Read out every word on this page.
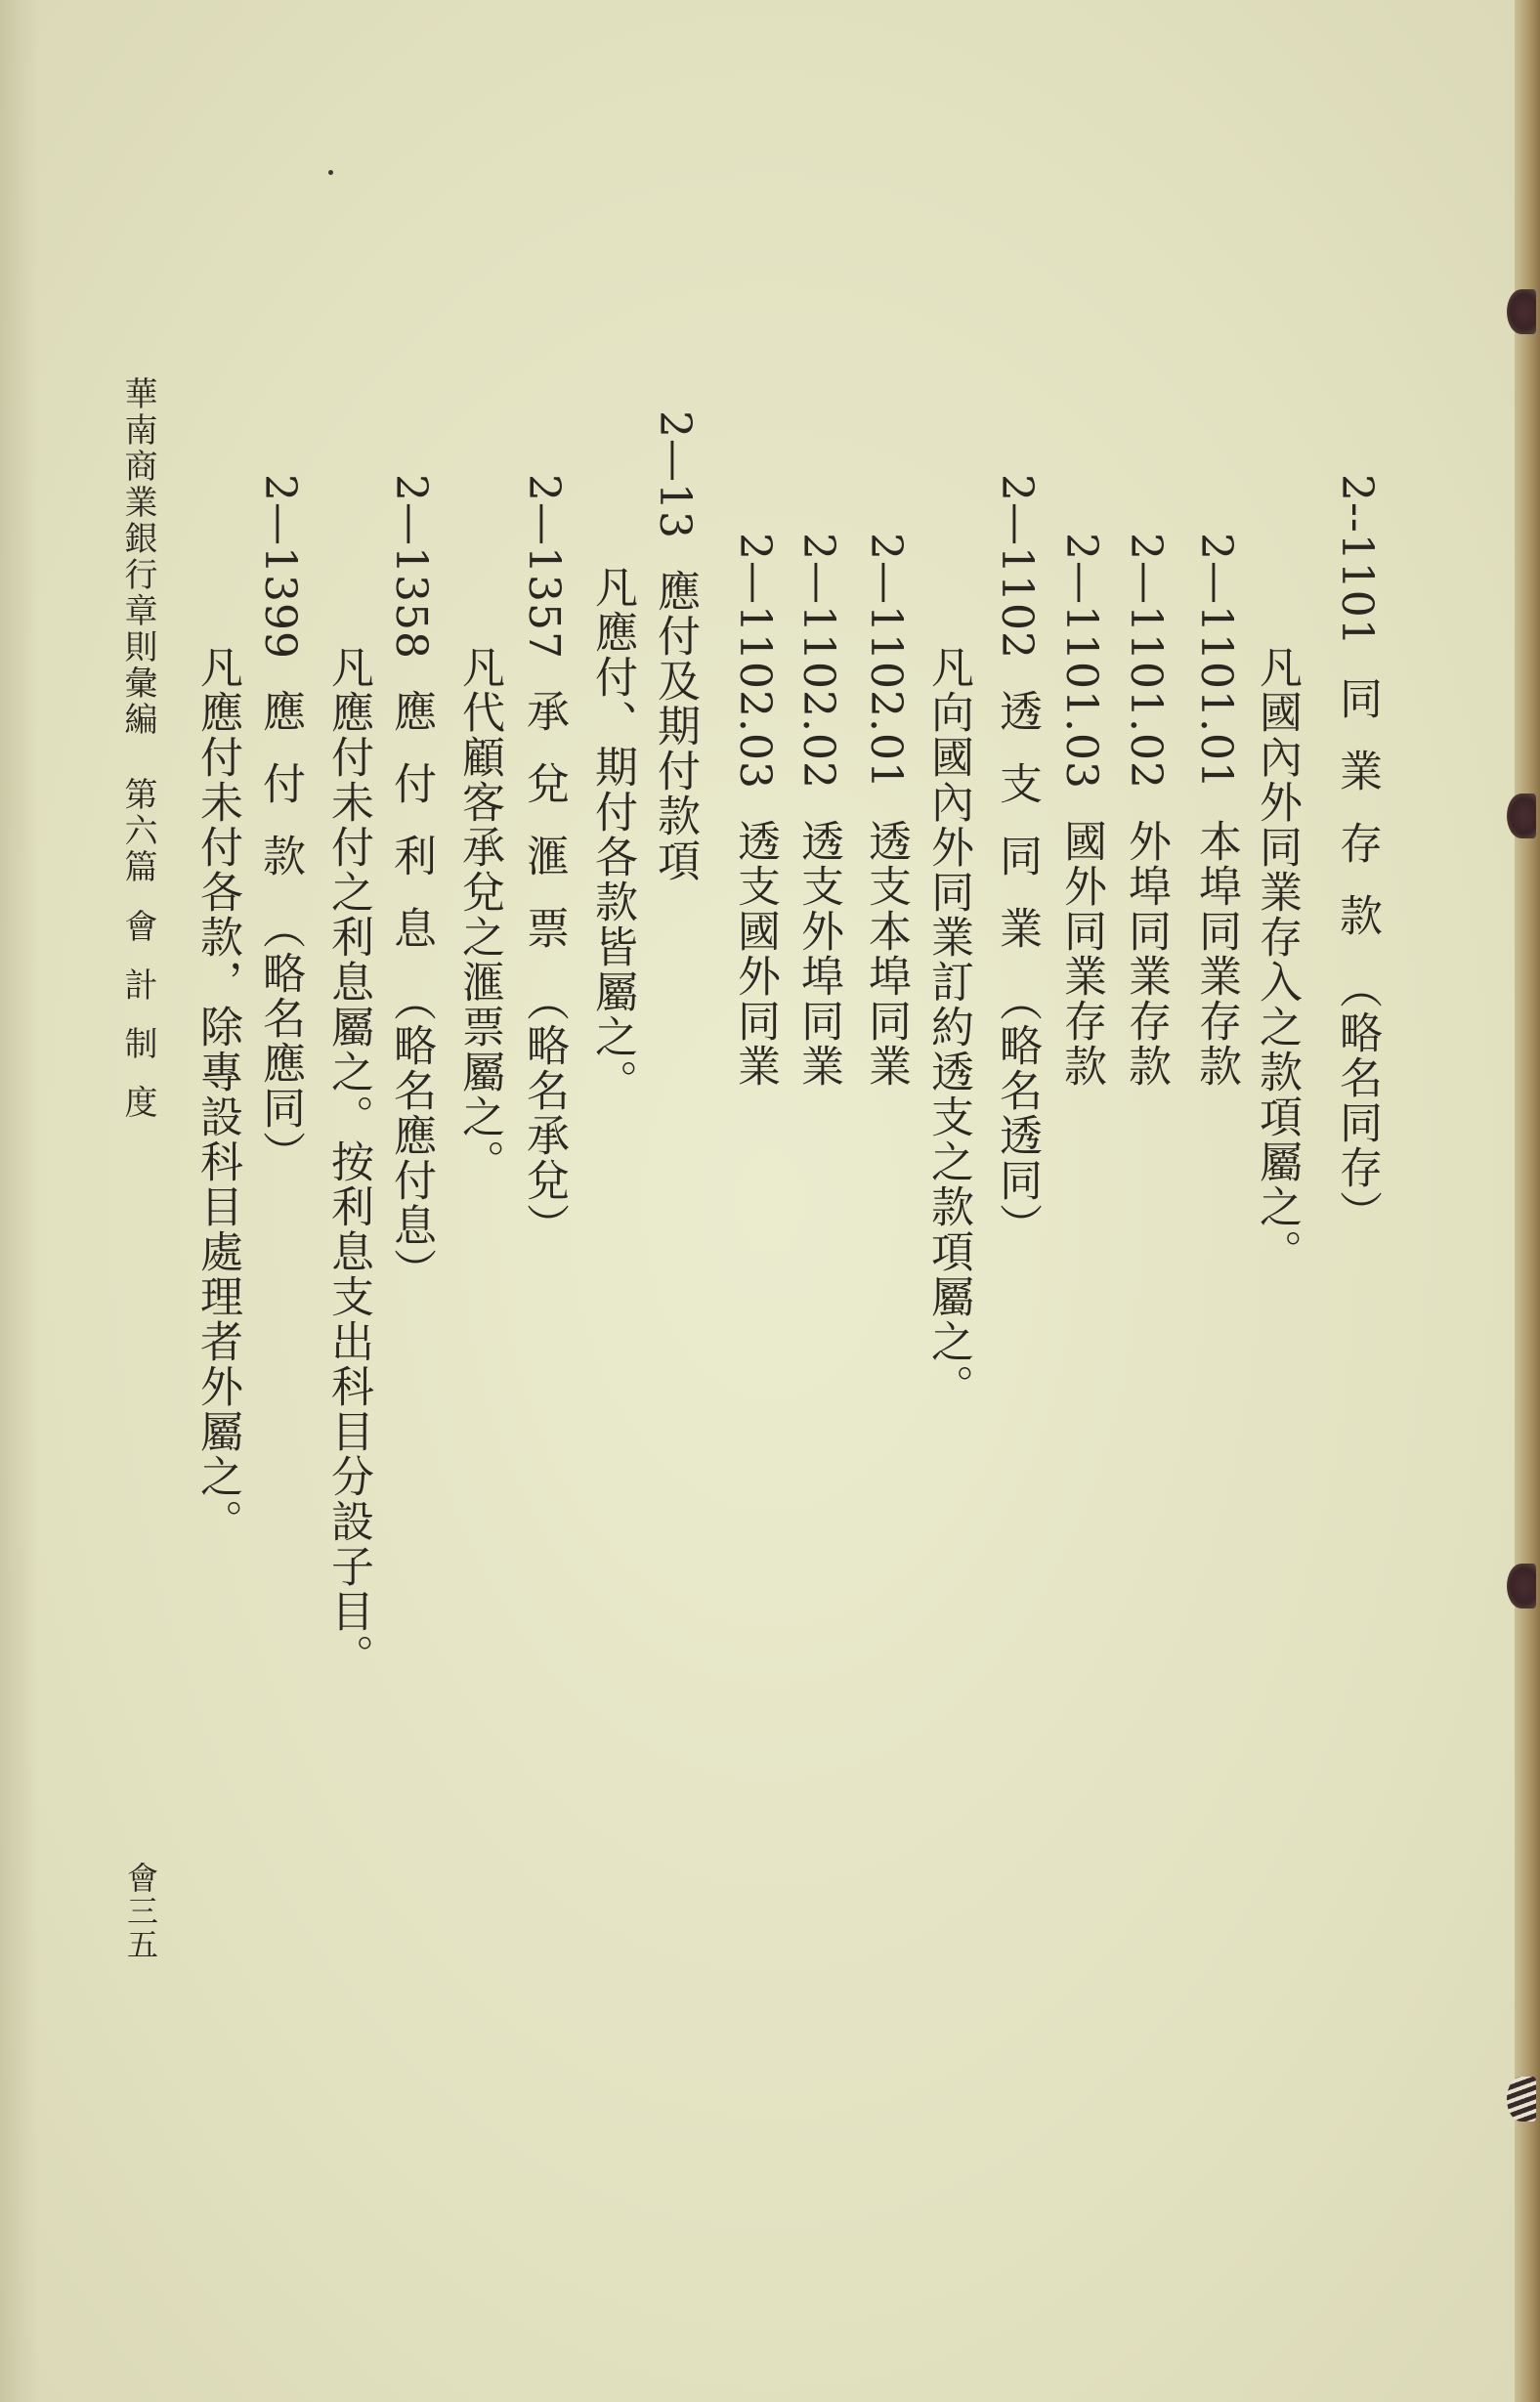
2--1101同業存款（略名同存）
凡國內外同業存入之款項屬之。
2—1101.01本埠同業存款
2—1101.02外埠同業存款
2—1101.03國外同業存款
2—1102透支同業（略名透同）
凡向國內外同業訂約透支之款項屬之。
2—1102.01透支本埠同業
2—1102.02透支外埠同業
2—1102.03透支國外同業
2—13應付及期付款項
凡應付、期付各款皆屬之。
2—1357承兌滙票（略名承兌）
凡代顧客承兌之滙票屬之。
2—1358應付利息（略名應付息）
凡應付未付之利息屬之。按利息支出科目分設子目。
2—1399應付款（略名應同）
凡應付未付各款，除專設科目處理者外屬之。
華南商業銀行章則彙編第六篇會計制度
會三五
